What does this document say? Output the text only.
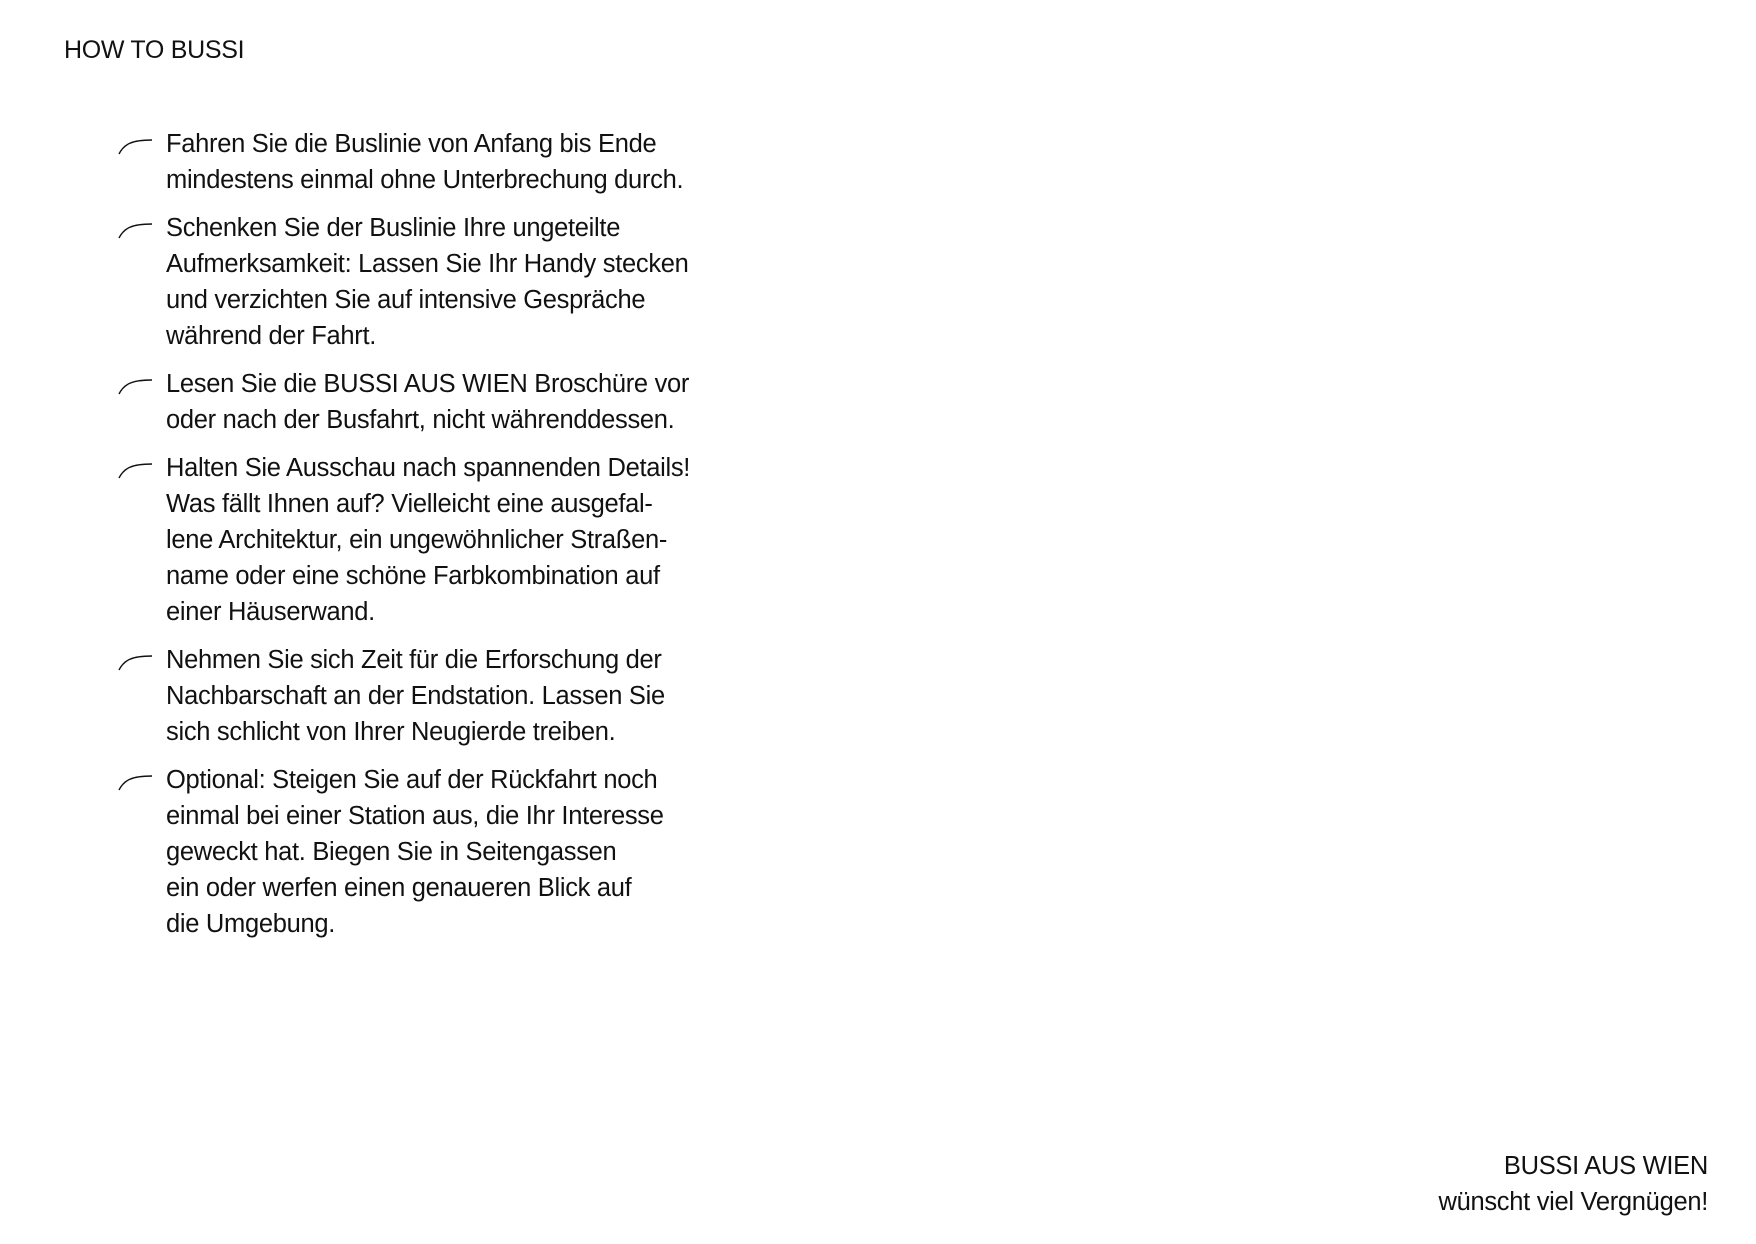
HOW TO BUSSI
Fahren Sie die Buslinie von Anfang bis Ende
mindestens einmal ohne Unterbrechung durch.
Schenken Sie der Buslinie Ihre ungeteilte
Aufmerksamkeit: Lassen Sie Ihr Handy stecken
und verzichten Sie auf intensive Gespräche
während der Fahrt.
Lesen Sie die BUSSI AUS WIEN Broschüre vor
oder nach der Busfahrt, nicht währenddessen.
Halten Sie Ausschau nach spannenden Details!
Was fällt Ihnen auf? Vielleicht eine ausgefal-
lene Architektur, ein ungewöhnlicher Straßen-
name oder eine schöne Farbkombination auf
einer Häuserwand.
Nehmen Sie sich Zeit für die Erforschung der
Nachbarschaft an der Endstation. Lassen Sie
sich schlicht von Ihrer Neugierde treiben.
Optional: Steigen Sie auf der Rückfahrt noch
einmal bei einer Station aus, die Ihr Interesse
geweckt hat. Biegen Sie in Seitengassen
ein oder werfen einen genaueren Blick auf
die Umgebung.
BUSSI AUS WIEN
wünscht viel Vergnügen!
